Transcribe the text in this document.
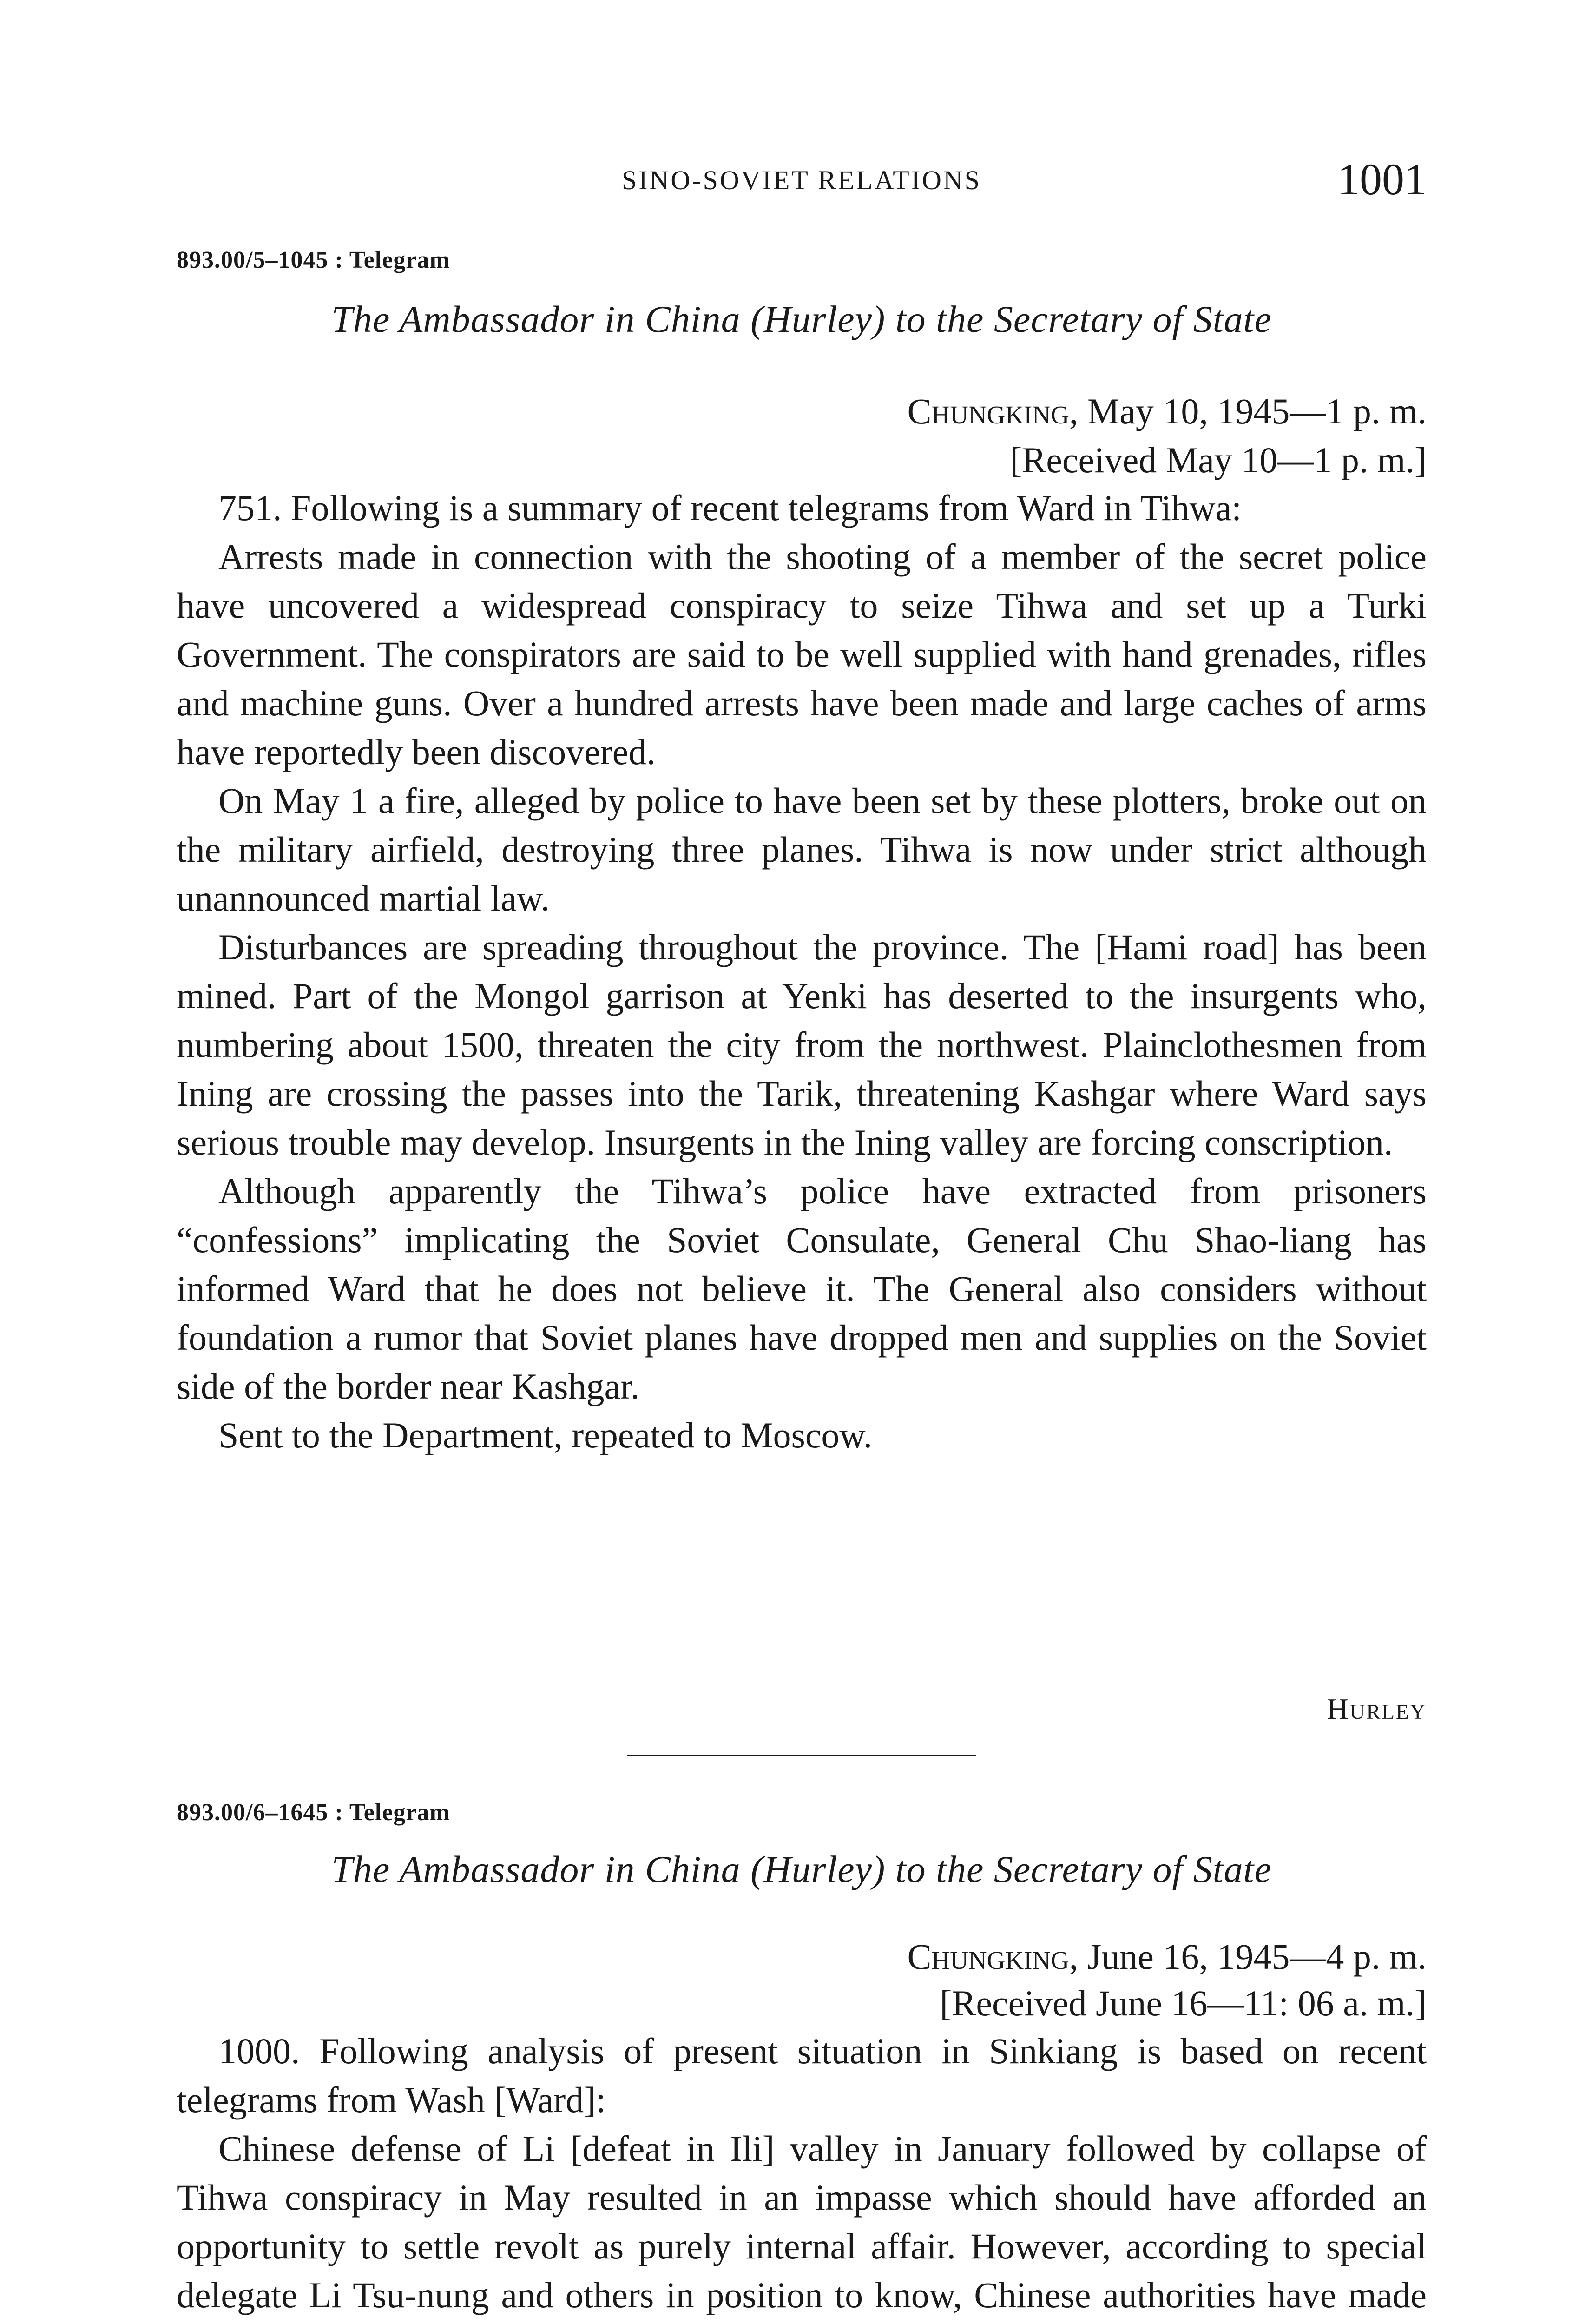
SINO-SOVIET RELATIONS	1001
893.00/5–1045 : Telegram
The Ambassador in China (Hurley) to the Secretary of State
Chungking, May 10, 1945—1 p. m.
[Received May 10—1 p. m.]

751. Following is a summary of recent telegrams from Ward in Tihwa:

Arrests made in connection with the shooting of a member of the secret police have uncovered a widespread conspiracy to seize Tihwa and set up a Turki Government. The conspirators are said to be well supplied with hand grenades, rifles and machine guns. Over a hundred arrests have been made and large caches of arms have reportedly been discovered.

On May 1 a fire, alleged by police to have been set by these plotters, broke out on the military airfield, destroying three planes. Tihwa is now under strict although unannounced martial law.

Disturbances are spreading throughout the province. The [Hami road] has been mined. Part of the Mongol garrison at Yenki has deserted to the insurgents who, numbering about 1500, threaten the city from the northwest. Plainclothesmen from Ining are crossing the passes into the Tarik, threatening Kashgar where Ward says serious trouble may develop. Insurgents in the Ining valley are forcing conscription.

Although apparently the Tihwa’s police have extracted from prisoners “confessions” implicating the Soviet Consulate, General Chu Shao-liang has informed Ward that he does not believe it. The General also considers without foundation a rumor that Soviet planes have dropped men and supplies on the Soviet side of the border near Kashgar.

Sent to the Department, repeated to Moscow.

Hurley
893.00/6–1645 : Telegram
The Ambassador in China (Hurley) to the Secretary of State
Chungking, June 16, 1945—4 p. m.
[Received June 16—11: 06 a. m.]

1000. Following analysis of present situation in Sinkiang is based on recent telegrams from Wash [Ward]:

Chinese defense of Li [defeat in Ili] valley in January followed by collapse of Tihwa conspiracy in May resulted in an impasse which should have afforded an opportunity to settle revolt as purely internal affair. However, according to special delegate Li Tsu-nung and others in position to know, Chinese authorities have made
